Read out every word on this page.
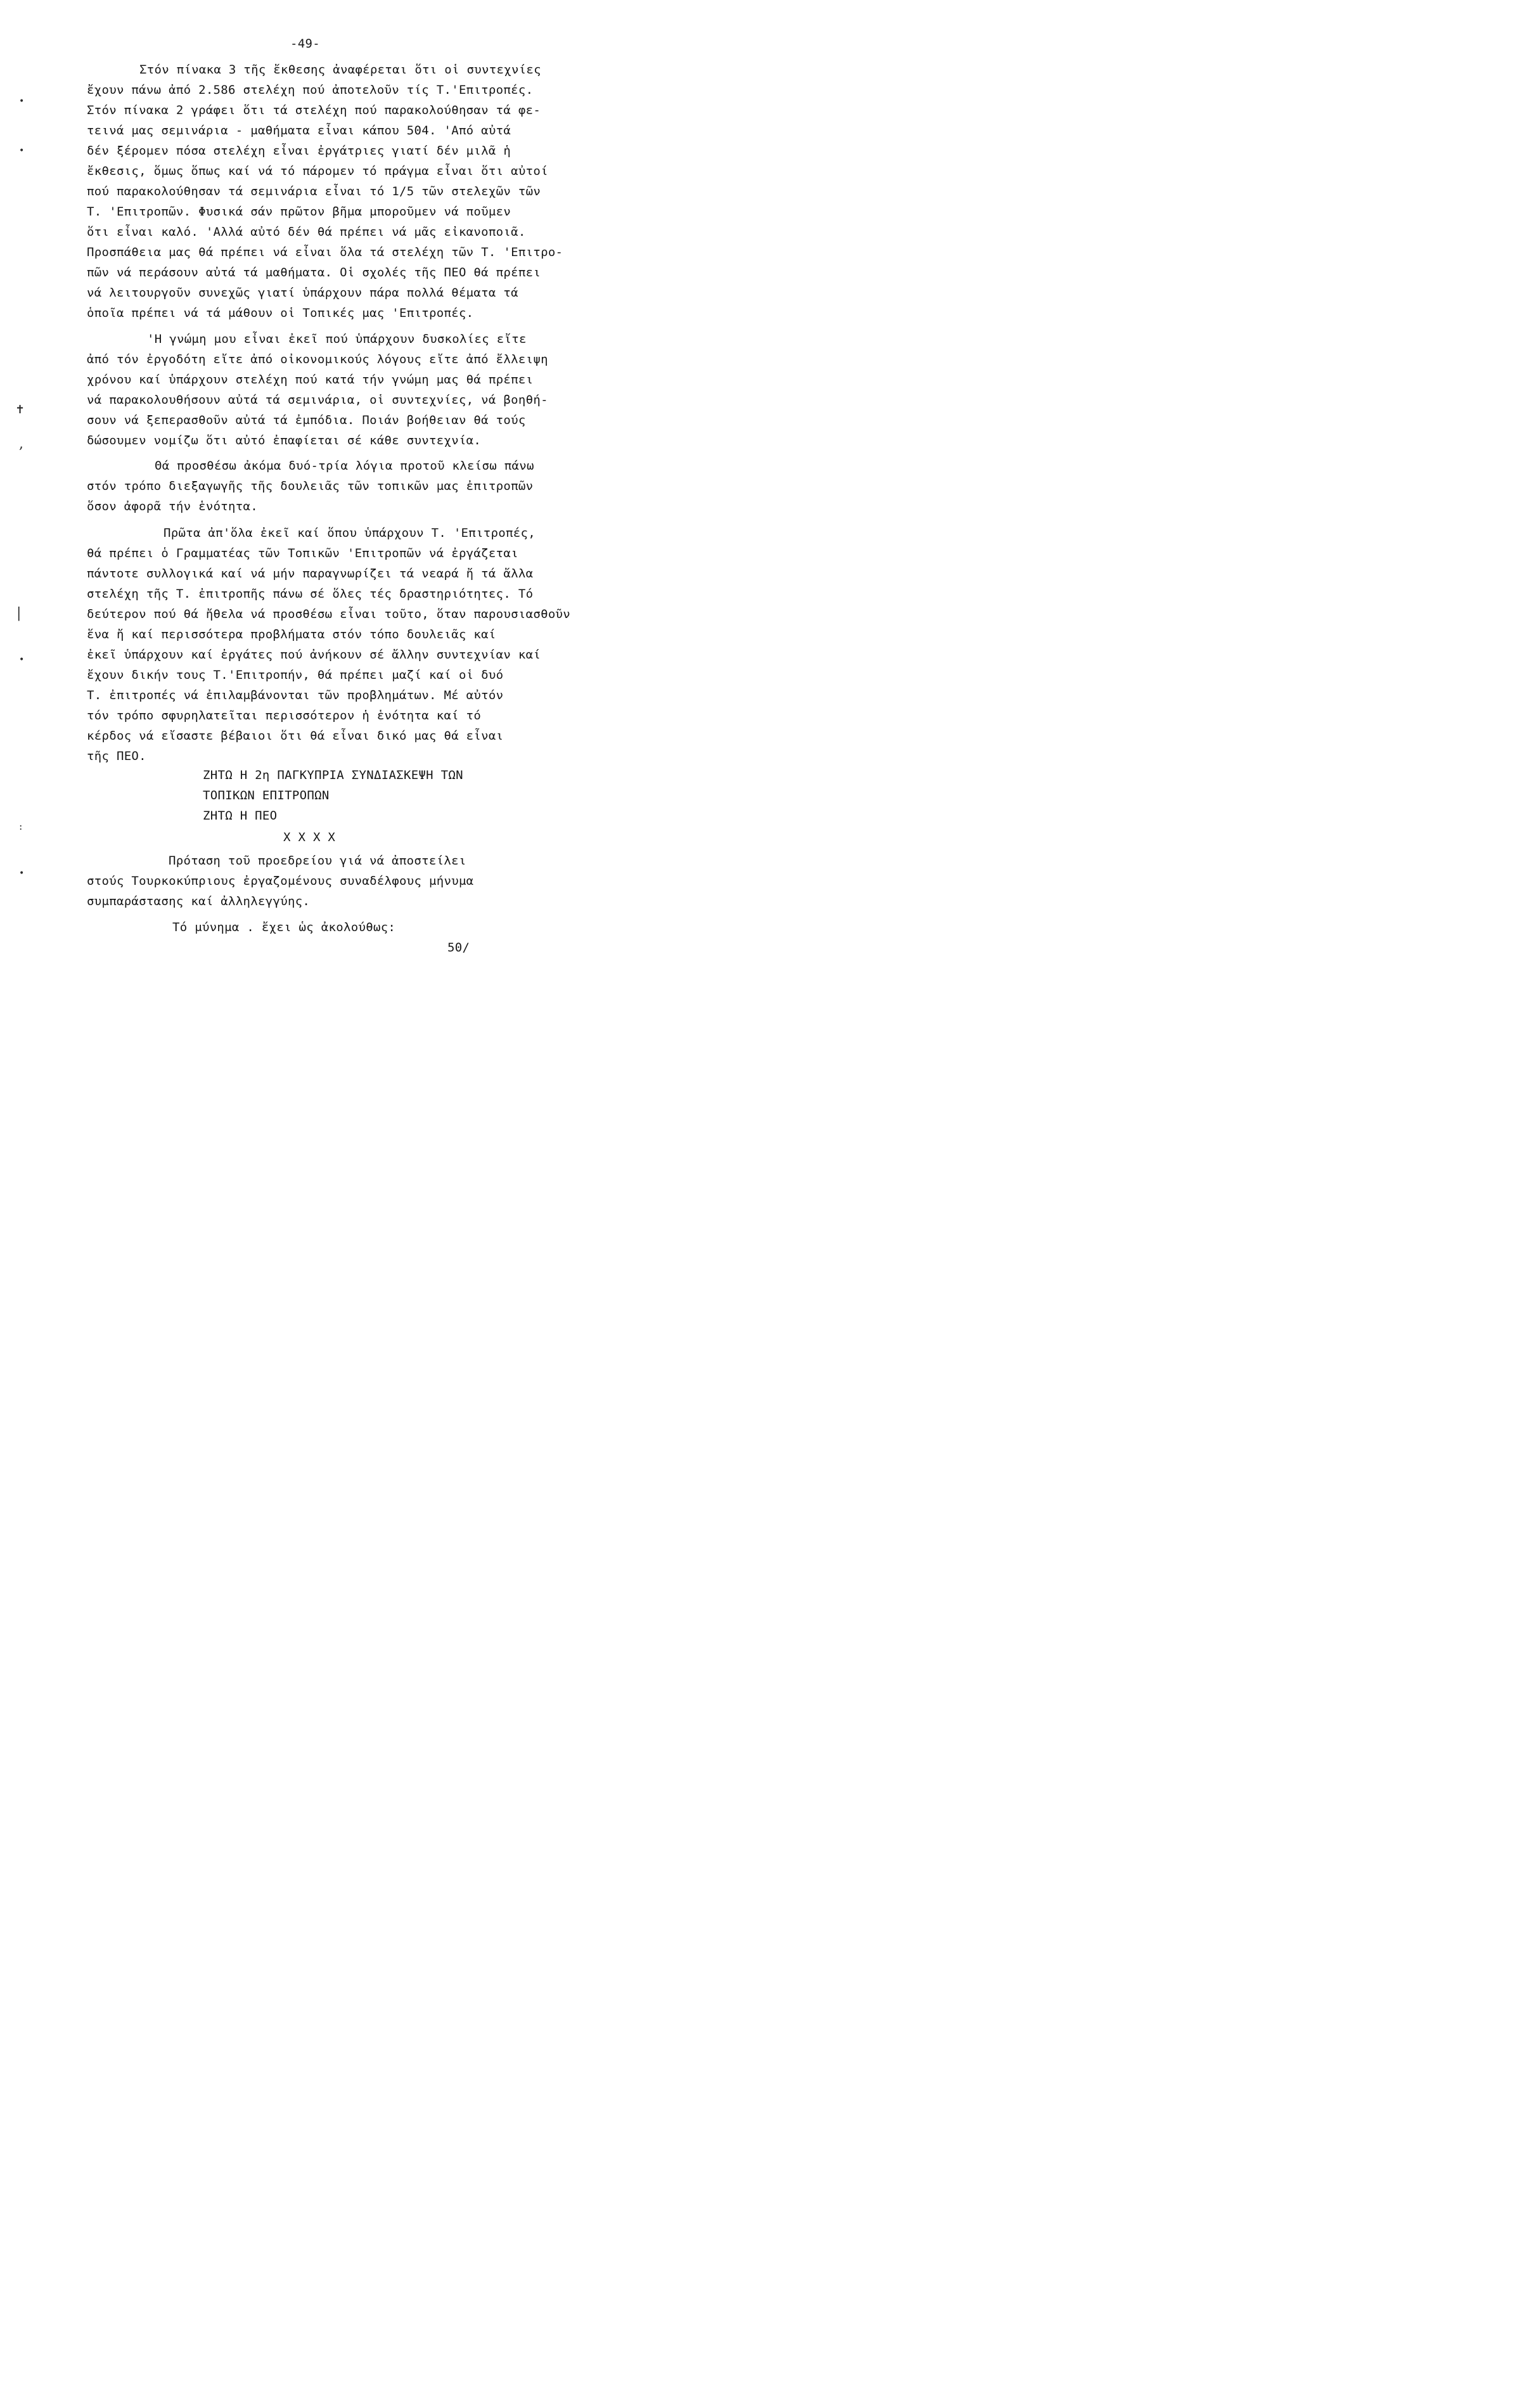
-49-
Στόν πίνακα 3 τῆς ἔκθεσης ἀναφέρεται ὅτι οἱ συντεχνίες
ἔχουν πάνω ἀπό 2.586 στελέχη πού ἀποτελοῦν τίς Τ.'Επιτροπές.
Στόν πίνακα 2 γράφει ὅτι τά στελέχη πού παρακολούθησαν τά φε-
τεινά μας σεμινάρια - μαθήματα εἶναι κάπου 504. 'Από αὐτά
δέν ξέρομεν πόσα στελέχη εἶναι ἐργάτριες γιατί δέν μιλᾶ ἡ
ἔκθεσις, ὅμως ὅπως καί νά τό πάρομεν τό πράγμα εἶναι ὅτι αὐτοί
πού παρακολούθησαν τά σεμινάρια εἶναι τό 1/5 τῶν στελεχῶν τῶν
Τ. 'Επιτροπῶν. Φυσικά σάν πρῶτον βῆμα μποροῦμεν νά ποῦμεν
ὅτι εἶναι καλό. 'Αλλά αὐτό δέν θά πρέπει νά μᾶς εἰκανοποιᾶ.
Προσπάθεια μας θά πρέπει νά εἶναι ὅλα τά στελέχη τῶν Τ. 'Επιτρο-
πῶν νά περάσουν αὐτά τά μαθήματα. Οἱ σχολές τῆς ΠΕΟ θά πρέπει
νά λειτουργοῦν συνεχῶς γιατί ὑπάρχουν πάρα πολλά θέματα τά
ὁποῖα πρέπει νά τά μάθουν οἱ Τοπικές μας 'Επιτροπές.
'Η γνώμη μου εἶναι ἐκεῖ πού ὑπάρχουν δυσκολίες εἴτε
ἀπό τόν ἐργοδότη εἴτε ἀπό οἰκονομικούς λόγους εἴτε ἀπό ἔλλειψη
χρόνου καί ὑπάρχουν στελέχη πού κατά τήν γνώμη μας θά πρέπει
νά παρακολουθήσουν αὐτά τά σεμινάρια, οἱ συντεχνίες, νά βοηθή-
σουν νά ξεπερασθοῦν αὐτά τά ἐμπόδια. Ποιάν βοήθειαν θά τούς
δώσουμεν νομίζω ὅτι αὐτό ἐπαφίεται σέ κάθε συντεχνία.
Θά προσθέσω ἀκόμα δυό-τρία λόγια προτοῦ κλείσω πάνω
στόν τρόπο διεξαγωγῆς τῆς δουλειᾶς τῶν τοπικῶν μας ἐπιτροπῶν
ὅσον ἀφορᾶ τήν ἑνότητα.
Πρῶτα ἀπ'ὅλα ἐκεῖ καί ὅπου ὑπάρχουν Τ. 'Επιτροπές,
θά πρέπει ὁ Γραμματέας τῶν Τοπικῶν 'Επιτροπῶν νά ἐργάζεται
πάντοτε συλλογικά καί νά μήν παραγνωρίζει τά νεαρά ἤ τά ἄλλα
στελέχη τῆς Τ. ἐπιτροπῆς πάνω σέ ὅλες τές δραστηριότητες. Τό
δεύτερον πού θά ἤθελα νά προσθέσω εἶναι τοῦτο, ὅταν παρουσιασθοῦν
ἕνα ἤ καί περισσότερα προβλήματα στόν τόπο δουλειᾶς καί
ἐκεῖ ὑπάρχουν καί ἐργάτες πού ἀνήκουν σέ ἄλλην συντεχνίαν καί
ἔχουν δικήν τους Τ.'Επιτροπήν, θά πρέπει μαζί καί οἱ δυό
Τ. ἐπιτροπές νά ἐπιλαμβάνονται τῶν προβλημάτων. Μέ αὐτόν
τόν τρόπο σφυρηλατεῖται περισσότερον ἡ ἑνότητα καί τό
κέρδος νά εἴσαστε βέβαιοι ὅτι θά εἶναι δικό μας θά εἶναι
τῆς ΠΕΟ.
ΖΗΤΩ Η 2η ΠΑΓΚΥΠΡΙΑ ΣΥΝΔΙΑΣΚΕΨΗ ΤΩΝ
ΤΟΠΙΚΩΝ ΕΠΙΤΡΟΠΩΝ
ΖΗΤΩ Η ΠΕΟ
Χ Χ Χ Χ
Πρόταση τοῦ προεδρείου γιά νά ἀποστείλει
στούς Τουρκοκύπριους ἐργαζομένους συναδέλφους μήνυμα
συμπαράστασης καί ἀλληλεγγύης.
Τό μύνημα . ἔχει ὡς ἀκολούθως:
50/
•
•
✝
,
|
•
:
•
